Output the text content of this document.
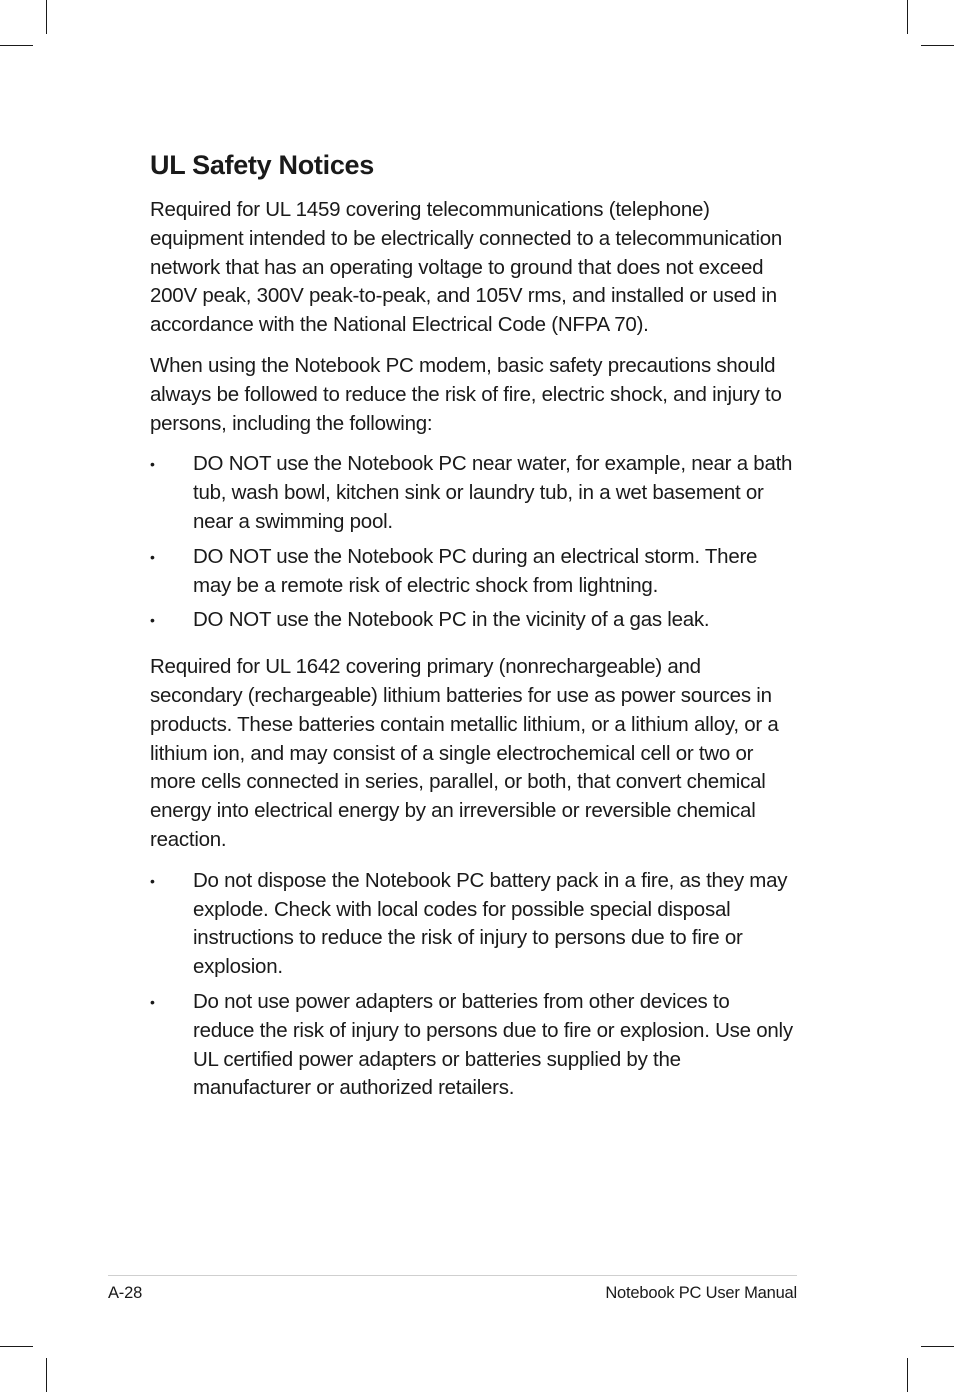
UL Safety Notices

Required for UL 1459 covering telecommunications (telephone) equipment intended to be electrically connected to a telecommunication network that has an operating voltage to ground that does not exceed 200V peak, 300V peak-to-peak, and 105V rms, and installed or used in accordance with the National Electrical Code (NFPA 70).

When using the Notebook PC modem, basic safety precautions should always be followed to reduce the risk of fire, electric shock, and injury to persons, including the following:

• DO NOT use the Notebook PC near water, for example, near a bath tub, wash bowl, kitchen sink or laundry tub, in a wet basement or near a swimming pool.
• DO NOT use the Notebook PC during an electrical storm. There may be a remote risk of electric shock from lightning.
• DO NOT use the Notebook PC in the vicinity of a gas leak.

Required for UL 1642 covering primary (nonrechargeable) and secondary (rechargeable) lithium batteries for use as power sources in products. These batteries contain metallic lithium, or a lithium alloy, or a lithium ion, and may consist of a single electrochemical cell or two or more cells connected in series, parallel, or both, that convert chemical energy into electrical energy by an irreversible or reversible chemical reaction.

• Do not dispose the Notebook PC battery pack in a fire, as they may explode. Check with local codes for possible special disposal instructions to reduce the risk of injury to persons due to fire or explosion.
• Do not use power adapters or batteries from other devices to reduce the risk of injury to persons due to fire or explosion. Use only UL certified power adapters or batteries supplied by the manufacturer or authorized retailers.
A-28	Notebook PC User Manual
